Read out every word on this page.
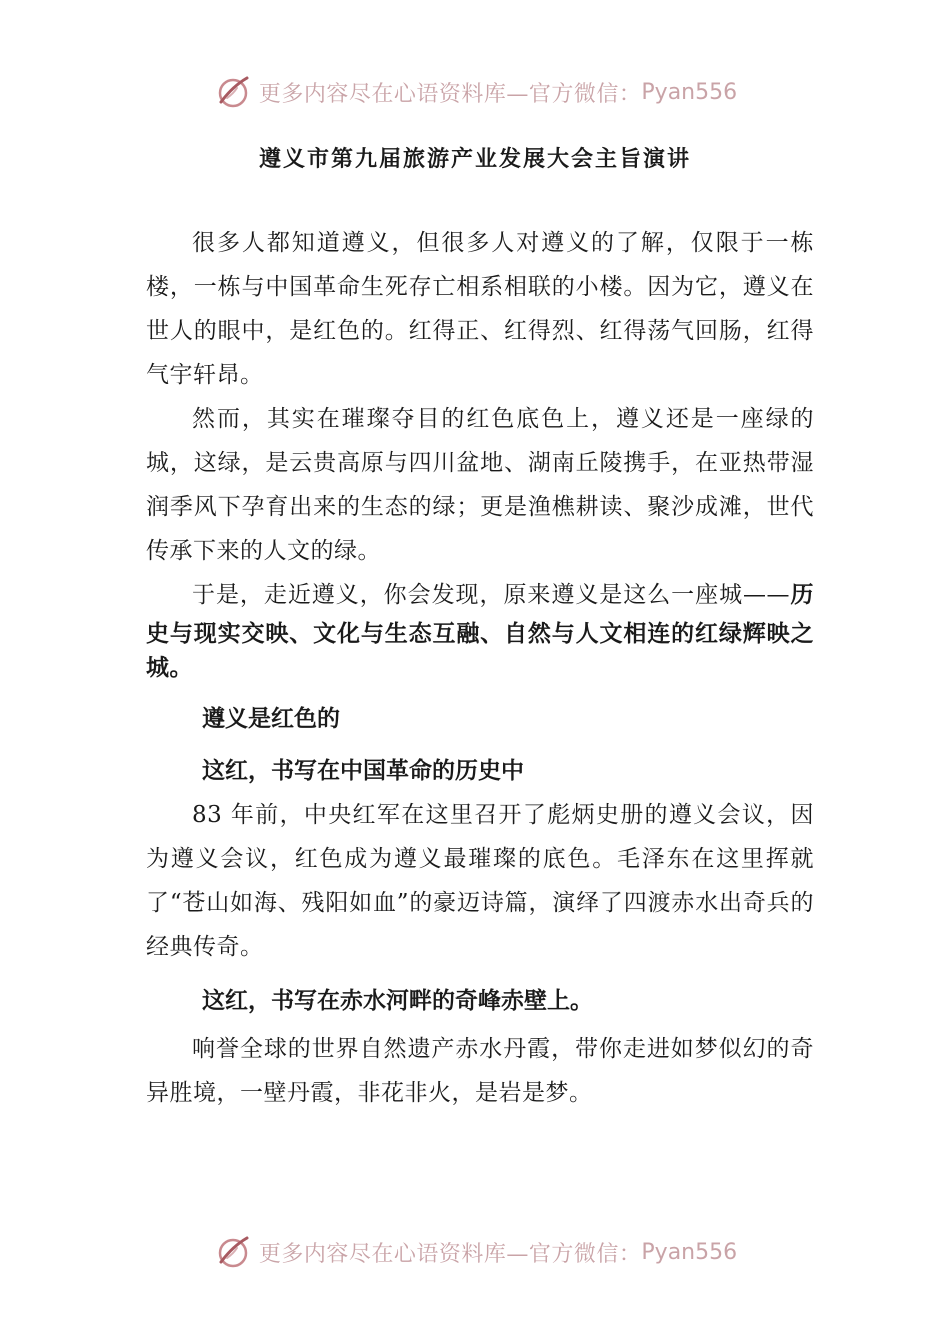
更多内容尽在心语资料库—官方微信： Pyan556
遵义市第九届旅游产业发展大会主旨演讲

很多人都知道遵义，但很多人对遵义的了解，仅限于一栋楼，一栋与中国革命生死存亡相系相联的小楼。因为它，遵义在世人的眼中，是红色的。红得正、红得烈、红得荡气回肠，红得气宇轩昂。

然而，其实在璀璨夺目的红色底色上，遵义还是一座绿的城，这绿，是云贵高原与四川盆地、湖南丘陵携手，在亚热带湿润季风下孕育出来的生态的绿；更是渔樵耕读、聚沙成滩，世代传承下来的人文的绿。

于是，走近遵义，你会发现，原来遵义是这么一座城——历史与现实交映、文化与生态互融、自然与人文相连的红绿辉映之城。

遵义是红色的

这红，书写在中国革命的历史中

83 年前，中央红军在这里召开了彪炳史册的遵义会议，因为遵义会议，红色成为遵义最璀璨的底色。毛泽东在这里挥就了“苍山如海、残阳如血”的豪迈诗篇，演绎了四渡赤水出奇兵的经典传奇。

这红，书写在赤水河畔的奇峰赤壁上。

响誉全球的世界自然遗产赤水丹霞，带你走进如梦似幻的奇异胜境，一壁丹霞，非花非火，是岩是梦。

更多内容尽在心语资料库—官方微信： Pyan556
